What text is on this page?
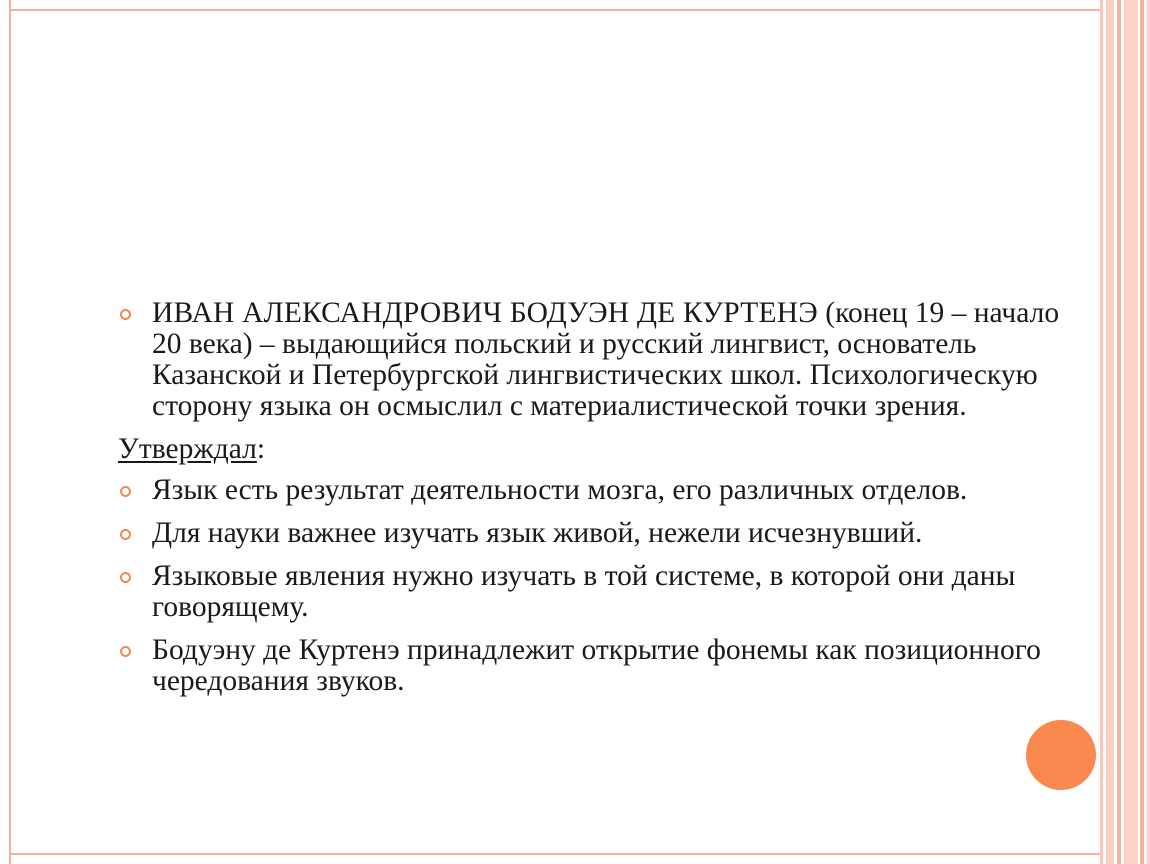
ИВАН АЛЕКСАНДРОВИЧ БОДУЭН ДЕ КУРТЕНЭ (конец 19 – начало 20 века) – выдающийся польский и русский лингвист, основатель Казанской и Петербургской лингвистических школ. Психологическую сторону языка он осмыслил с материалистической точки зрения.
Утверждал:
Язык есть результат деятельности мозга, его различных отделов.
Для науки важнее изучать язык живой, нежели исчезнувший.
Языковые явления нужно изучать в той системе, в которой они даны говорящему.
Бодуэну де Куртенэ принадлежит открытие фонемы как позиционного чередования звуков.
